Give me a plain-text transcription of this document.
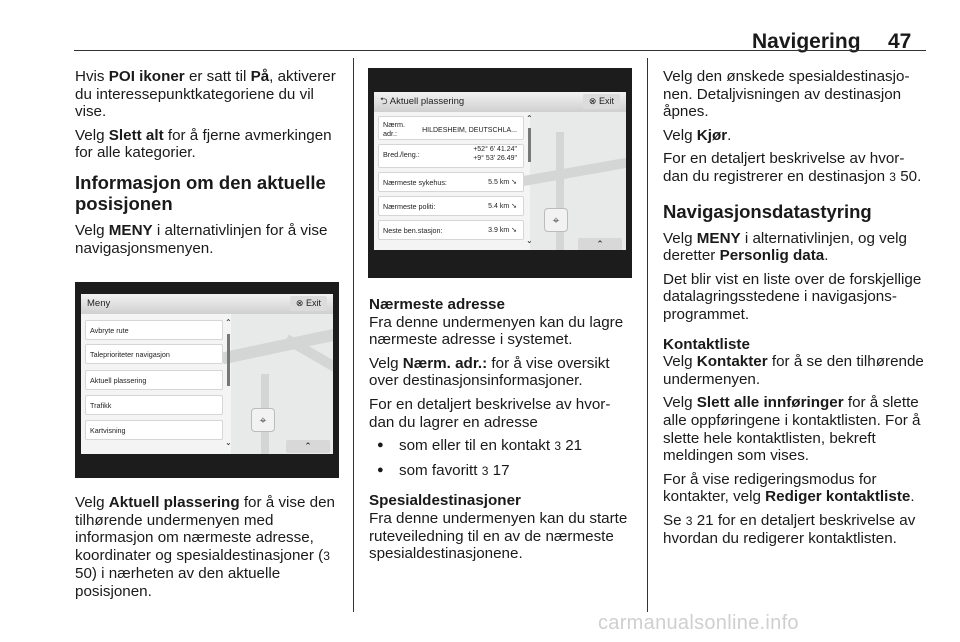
Navigering 47

Hvis POI ikoner er satt til På, aktiverer du interessepunktkategoriene du vil vise.

Velg Slett alt for å fjerne avmerkingen for alle kategorier.

Informasjon om den aktuelle posisjonen

Velg MENY i alternativlinjen for å vise navigasjonsmenyen.

Meny	⊗ Exit
Avbryte rute
Taleprioriteter navigasjon
Aktuell plassering
Trafikk
Kartvisning
⌃
⌄
⌖
⌃

Velg Aktuell plassering for å vise den tilhørende undermenyen med informasjon om nærmeste adresse, koordinater og spesialdestinasjoner (3 50) i nærheten av den aktuelle posisjonen.

⮌ Aktuell plassering	⊗ Exit
Nærm. adr.:	HILDESHEIM, DEUTSCHLA...
Bred./leng.:
+52° 6' 41.24"
+9° 53' 26.49"
Nærmeste sykehus:	5.5 km ➘
Nærmeste politi:	5.4 km ➘
Neste ben.stasjon:	3.9 km ➘
⌃
⌄
⌖
⌃
Nærmeste adresse

Fra denne undermenyen kan du lagre nærmeste adresse i systemet.

Velg Nærm. adr.: for å vise oversikt over destinasjonsinformasjoner.

For en detaljert beskrivelse av hvor-dan du lagrer en adresse

● som eller til en kontakt 3 21
● som favoritt 3 17
Spesialdestinasjoner

Fra denne undermenyen kan du starte ruteveiledning til en av de nærmeste spesialdestinasjonene.

Velg den ønskede spesialdestinasjo-nen. Detaljvisningen av destinasjon åpnes.

Velg Kjør.

For en detaljert beskrivelse av hvor-dan du registrerer en destinasjon 3 50.

Navigasjonsdatastyring

Velg MENY i alternativlinjen, og velg deretter Personlig data.

Det blir vist en liste over de forskjellige datalagringsstedene i navigasjons-programmet.

Kontaktliste

Velg Kontakter for å se den tilhørende undermenyen.

Velg Slett alle innføringer for å slette alle oppføringene i kontaktlisten. For å slette hele kontaktlisten, bekreft meldingen som vises.

For å vise redigeringsmodus for kontakter, velg Rediger kontaktliste.

Se 3 21 for en detaljert beskrivelse av hvordan du redigerer kontaktlisten.

carmanualsonline.info
